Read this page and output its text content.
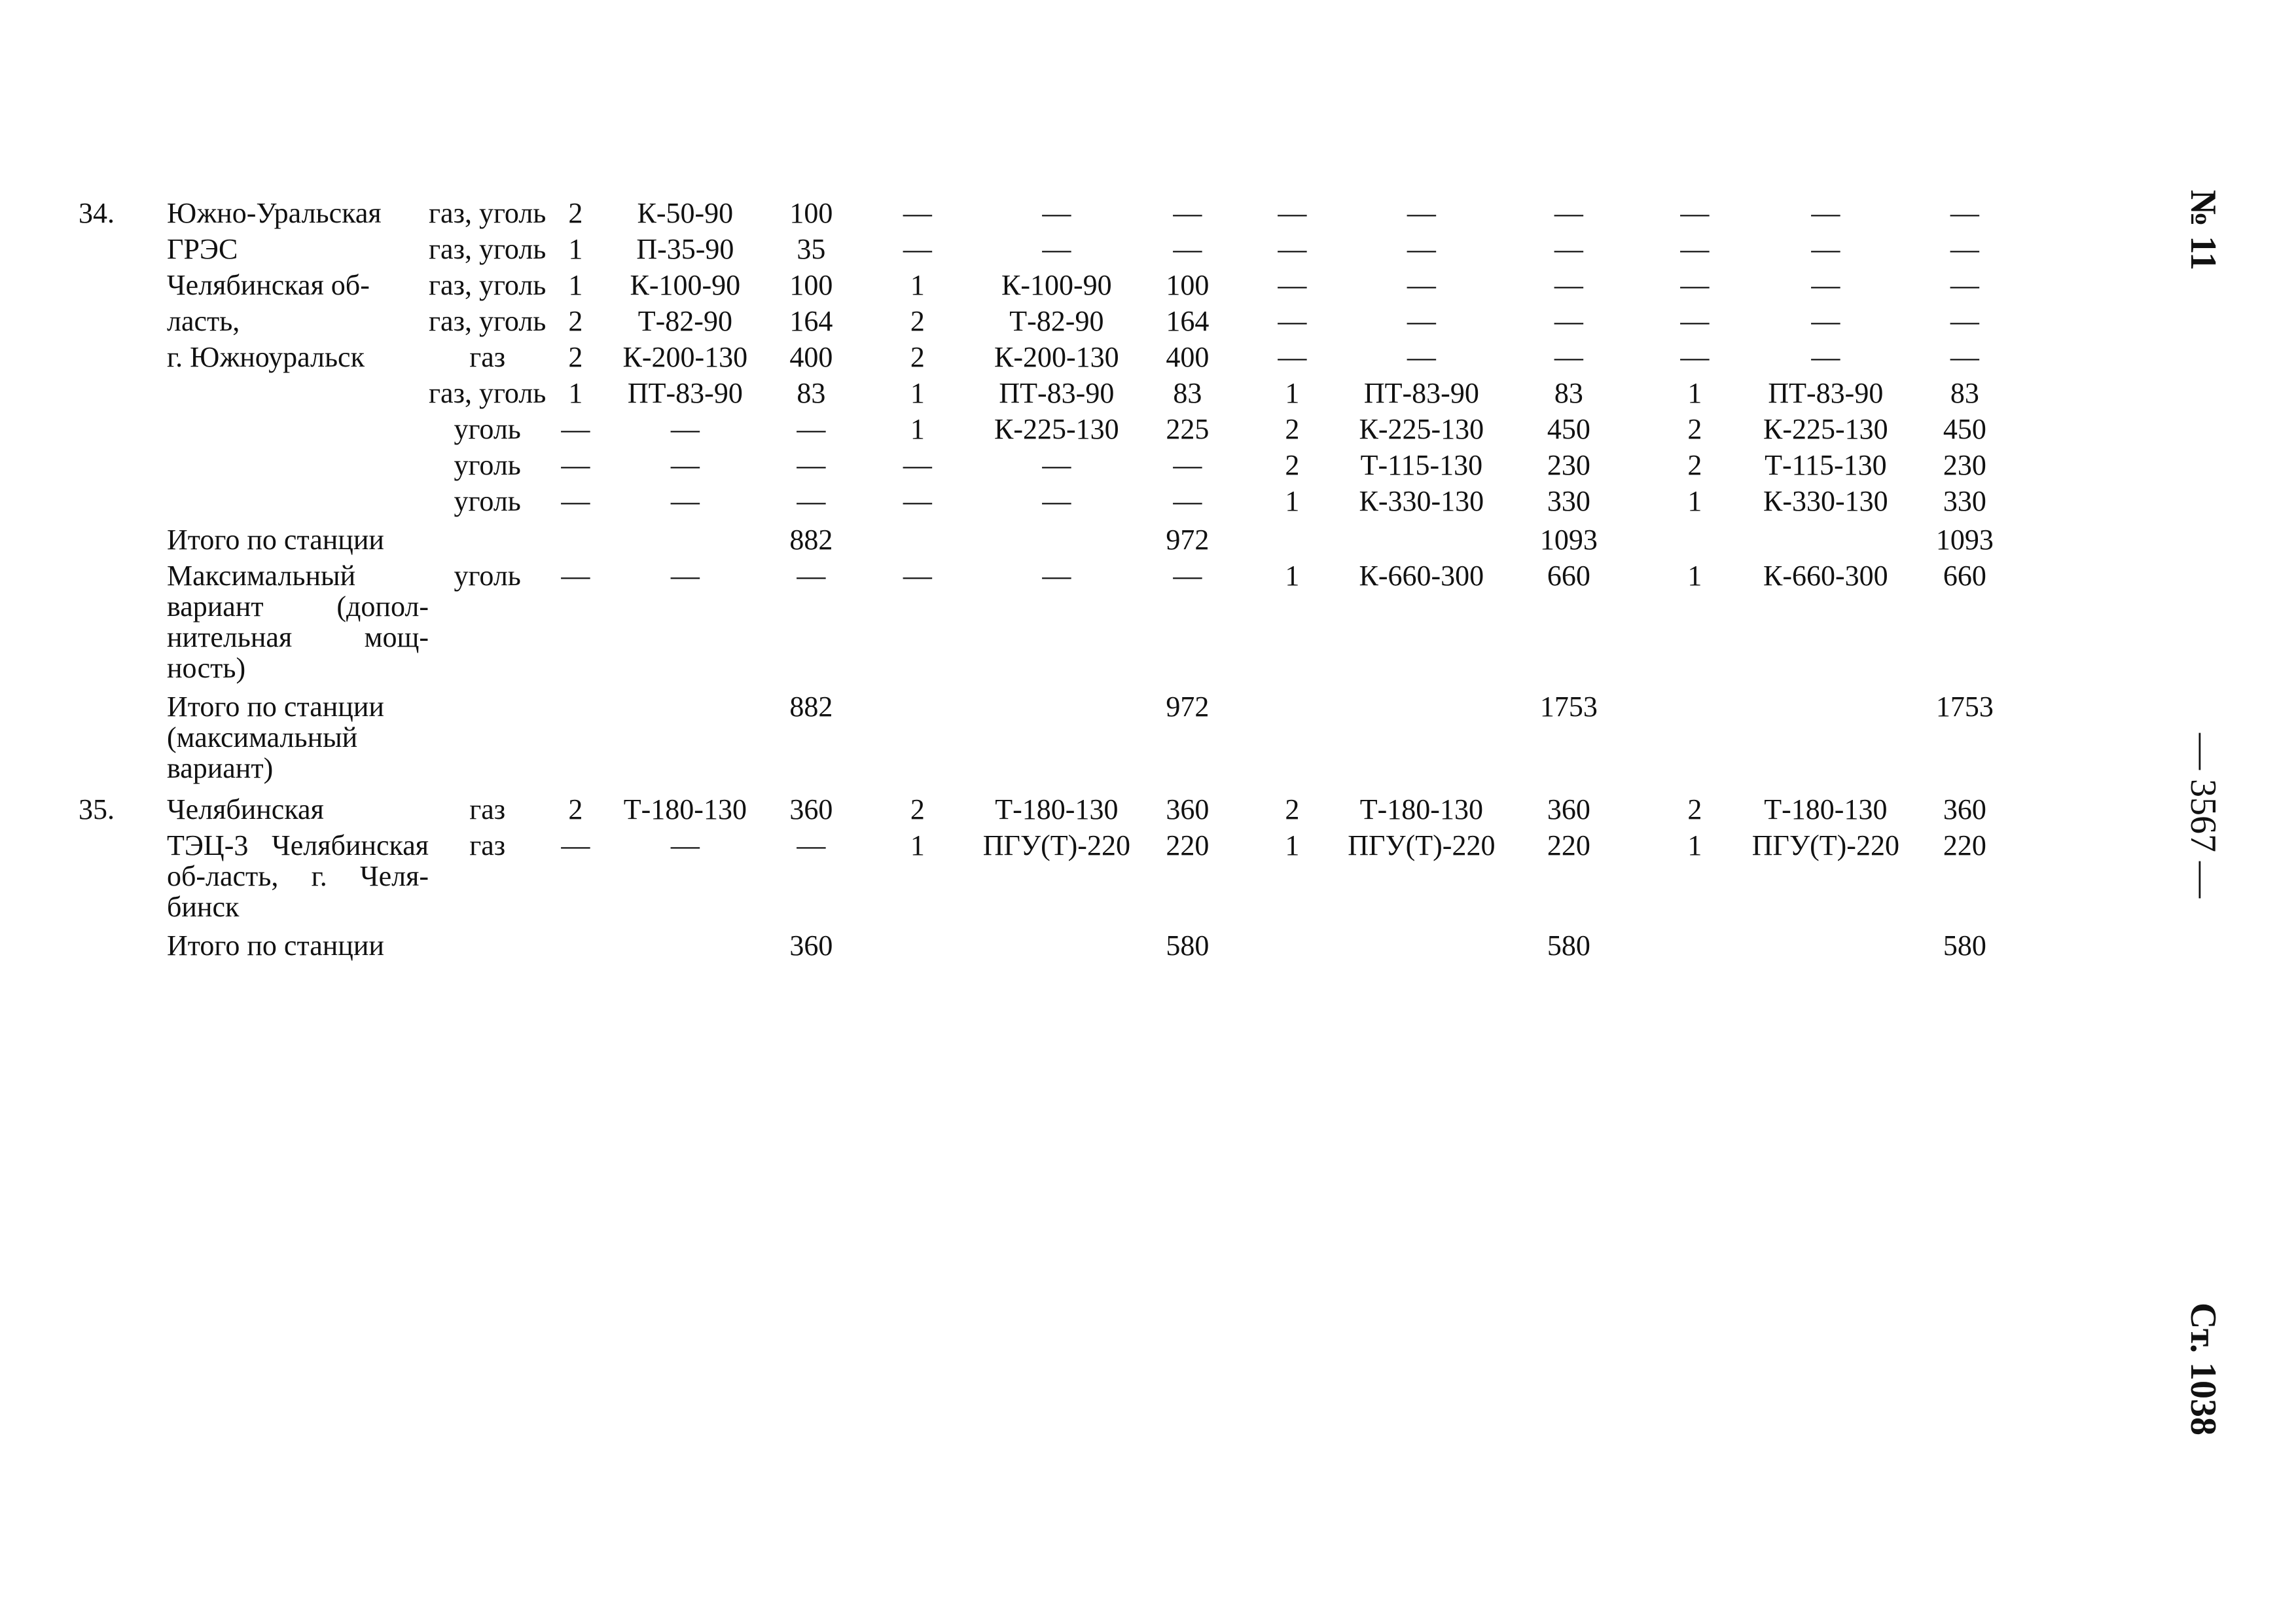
34.	Южно-Уральская	газ, уголь	2	К-50-90	100	—	—	—	—	—	—	—	—	—
	ГРЭС	газ, уголь	1	П-35-90	35	—	—	—	—	—	—	—	—	—
	Челябинская об-	газ, уголь	1	К-100-90	100	1	К-100-90	100	—	—	—	—	—	—
	ласть,	газ, уголь	2	Т-82-90	164	2	Т-82-90	164	—	—	—	—	—	—
	г. Южноуральск	газ	2	К-200-130	400	2	К-200-130	400	—	—	—	—	—	—
		газ, уголь	1	ПТ-83-90	83	1	ПТ-83-90	83	1	ПТ-83-90	83	1	ПТ-83-90	83
		уголь	—	—	—	1	К-225-130	225	2	К-225-130	450	2	К-225-130	450
		уголь	—	—	—	—	—	—	2	Т-115-130	230	2	Т-115-130	230
		уголь	—	—	—	—	—	—	1	К-330-130	330	1	К-330-130	330
	Итого по станции				882			972			1093			1093

	Максимальный вариант (допол-нительная мощ-ность)	уголь	—	—	—	—	—	—	1	К-660-300	660	1	К-660-300	660
	Итого по станции (максимальный вариант)				882			972			1753			1753
35.	Челябинская	газ	2	Т-180-130	360	2	Т-180-130	360	2	Т-180-130	360	2	Т-180-130	360

	ТЭЦ-3 Челябинская об-ласть, г. Челя-бинск	газ	—	—	—	1	ПГУ(Т)-220	220	1	ПГУ(Т)-220	220	1	ПГУ(Т)-220	220
	Итого по станции				360			580			580			580
№ 11
— 3567 —
Ст. 1038
